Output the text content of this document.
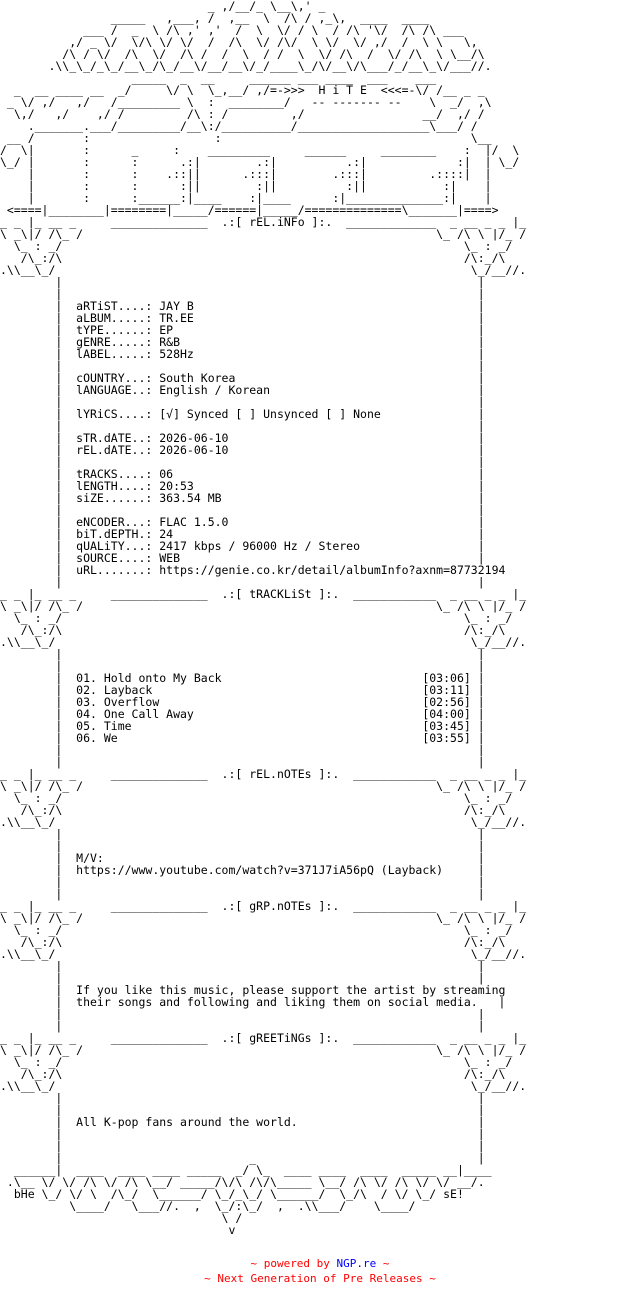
_ ,/__/_ \__\,' _
_____   ,___, /  ,__  \  /\ / ,_\,  ____  ____
___ /  _  \ /\ ,' ,'  /  \  \/ / \  / /\ '\/  /\ /\ ___
,/ _ \/  \/\ \/ \/  /  /\  \/ /\/  \ \/  \/ ,/  /  \ \   \,
/\ / \/  /\  \/  /\ /  /  \  / /  \  \/ /\  /  \/ /\  \ \__/\
.\\_\_/_\_/__\_/\_/__\/__/__\/_/____\_/\/__\/\___/_/__\_\/___//.
_____  _  __     ______ ___ ____  ___    ___
_  __ ____ __  _/     \/ \  \_,__/ ,/=->>>  H i T E  <<<=-\/ /__ _ _
_ \/ ,/   ,/   /_________ \  :  ________/   -- ------- --    \  _/  ,\
\,/   ,/    ,/ /         /\ : /         ,/                 __/  ,/ /
._______.___/_________/__\:/__________/___________________\___/ /
__ /       :                  :                                    \__
/  \|       :      _     :    _________     ______     ________    :  |/  \
\_/ |       :      :      .:|        .:|          .:|             :|  | \_/
|       :      :    .::||      .:::|        .:::|         .::::|  |
|       :      :      :||        :||          :||           :|    |
|       :      :______:|____    :|____      :|______________:|    |
<====|________|========|_____/======|_____/==============\_______|====>
_ _ |_ __ _     ______________  .:[ rEL.iNFo ]:.  _____________  _ __ _ _ |_
\ _\|/ /\_ /                                                   \_ /\ \ |/_ /
\_ : _/                                                          \_ : _/
/\_:/\                                                          /\:_/\
.\\__\_/                                                            \_/__//.
|                                                            |
|                                                            |
|  aRTiST....: JAY B                                         |
|  aLBUM.....: TR.EE                                         |
|  tYPE......: EP                                            |
|  gENRE.....: R&B                                           |
|  lABEL.....: 528Hz                                         |
|                                                            |
|  cOUNTRY...: South Korea                                   |
|  lANGUAGE..: English / Korean                              |
|                                                            |
|  lYRiCS....: [√] Synced [ ] Unsynced [ ] None              |
|                                                            |
|  sTR.dATE..: 2026-06-10                                    |
|  rEL.dATE..: 2026-06-10                                    |
|                                                            |
|  tRACKS....: 06                                            |
|  lENGTH....: 20:53                                         |
|  siZE......: 363.54 MB                                     |
|                                                            |
|  eNCODER...: FLAC 1.5.0                                    |
|  biT.dEPTH.: 24                                            |
|  qUALiTY...: 2417 kbps / 96000 Hz / Stereo                 |
|  sOURCE....: WEB                                           |
|  uRL.......: https://genie.co.kr/detail/albumInfo?axnm=87732194
|                                                            |
_ _ |_ __ _     ______________  .:[ tRACKLiSt ]:.  ____________  _ __ _ _ |_
\ _\|/ /\_ /                                                   \_ /\ \ |/_ /
\_ : _/                                                          \_ : _/
/\_:/\                                                          /\:_/\
.\\__\_/                                                            \_/__//.
|                                                            |
|                                                            |
|  01. Hold onto My Back                             [03:06] |
|  02. Layback                                       [03:11] |
|  03. Overflow                                      [02:56] |
|  04. One Call Away                                 [04:00] |
|  05. Time                                          [03:45] |
|  06. We                                            [03:55] |
|                                                            |
|                                                            |
_ _ |_ __ _     ______________  .:[ rEL.nOTEs ]:.  ____________  _ __ _ _ |_
\ _\|/ /\_ /                                                   \_ /\ \ |/_ /
\_ : _/                                                          \_ : _/
/\_:/\                                                          /\:_/\
.\\__\_/                                                            \_/__//.
|                                                            |
|                                                            |
|  M/V:                                                      |
|  https://www.youtube.com/watch?v=371J7iA56pQ (Layback)     |
|                                                            |
|                                                            |
_ _ |_ __ _     ______________  .:[ gRP.nOTEs ]:.  ____________  _ __ _ _ |_
\ _\|/ /\_ /                                                   \_ /\ \ |/_ /
\_ : _/                                                          \_ : _/
/\_:/\                                                          /\:_/\
.\\__\_/                                                            \_/__//.
|                                                            |
|                                                            |
|  If you like this music, please support the artist by streaming
|  their songs and following and liking them on social media.   |
|                                                            |
|                                                            |
_ _ |_ __ _     ______________  .:[ gREETiNGs ]:.  ____________  _ __ _ _ |_
\ _\|/ /\_ /                                                   \_ /\ \ |/_ /
\_ : _/                                                          \_ : _/
/\_:/\                                                          /\:_/\
.\\__\_/                                                            \_/__//.
|                                                            |
|                                                            |
|  All K-pop fans around the world.                          |
|                                                            |
|                                                            |
|                           _                                |
______|  ____  ____ ____ _____  _/ \_  ____ ____  ____  _____ __|____
.\__ \/ \/ /\ \/ /\ \__/ _____/\/\ /\/\_____ \__/ /\ \/ /\ \/ \/ __/.
bHe \_/ \/ \  /\_/  \______/ \_/_\_/ \______/  \_/\  / \/ \_/ sE!
\____/   \___//.  ,  \_/:\_/  ,  .\\___/    \____/
\ /
v

~ powered by NGP.re ~
~ Next Generation of Pre Releases ~
